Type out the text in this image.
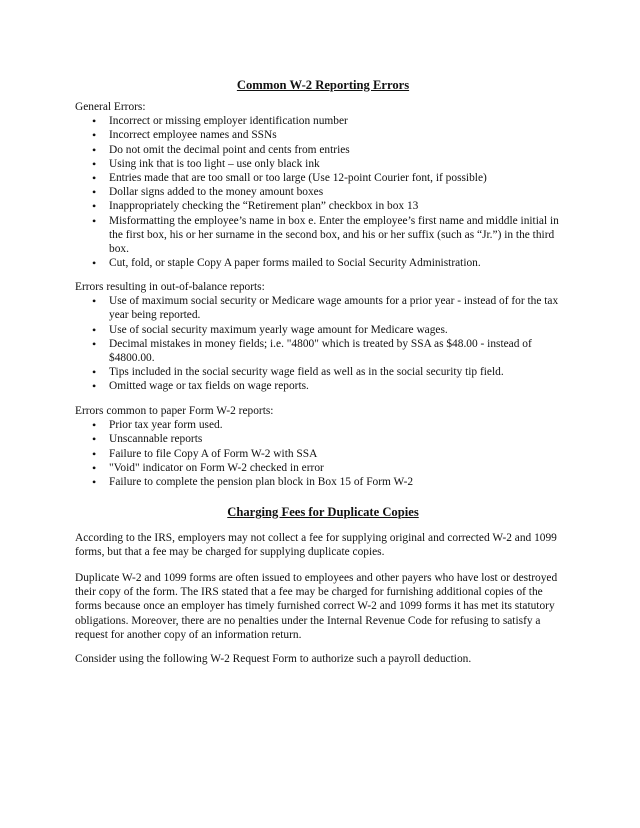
Common W-2 Reporting Errors

General Errors:

• Incorrect or missing employer identification number
• Incorrect employee names and SSNs
• Do not omit the decimal point and cents from entries
• Using ink that is too light – use only black ink
• Entries made that are too small or too large (Use 12-point Courier font, if possible)
• Dollar signs added to the money amount boxes
• Inappropriately checking the “Retirement plan” checkbox in box 13
• Misformatting the employee’s name in box e. Enter the employee’s first name and middle initial in the first box, his or her surname in the second box, and his or her suffix (such as “Jr.”) in the third box.
• Cut, fold, or staple Copy A paper forms mailed to Social Security Administration.

Errors resulting in out-of-balance reports:

• Use of maximum social security or Medicare wage amounts for a prior year - instead of for the tax year being reported.
• Use of social security maximum yearly wage amount for Medicare wages.
• Decimal mistakes in money fields; i.e. "4800" which is treated by SSA as $48.00 - instead of $4800.00.
• Tips included in the social security wage field as well as in the social security tip field.
• Omitted wage or tax fields on wage reports.

Errors common to paper Form W-2 reports:

• Prior tax year form used.
• Unscannable reports
• Failure to file Copy A of Form W-2 with SSA
• "Void" indicator on Form W-2 checked in error
• Failure to complete the pension plan block in Box 15 of Form W-2
Charging Fees for Duplicate Copies

According to the IRS, employers may not collect a fee for supplying original and corrected W-2 and 1099 forms, but that a fee may be charged for supplying duplicate copies.

Duplicate W-2 and 1099 forms are often issued to employees and other payers who have lost or destroyed their copy of the form. The IRS stated that a fee may be charged for furnishing additional copies of the forms because once an employer has timely furnished correct W-2 and 1099 forms it has met its statutory obligations. Moreover, there are no penalties under the Internal Revenue Code for refusing to satisfy a request for another copy of an information return.

Consider using the following W-2 Request Form to authorize such a payroll deduction.
